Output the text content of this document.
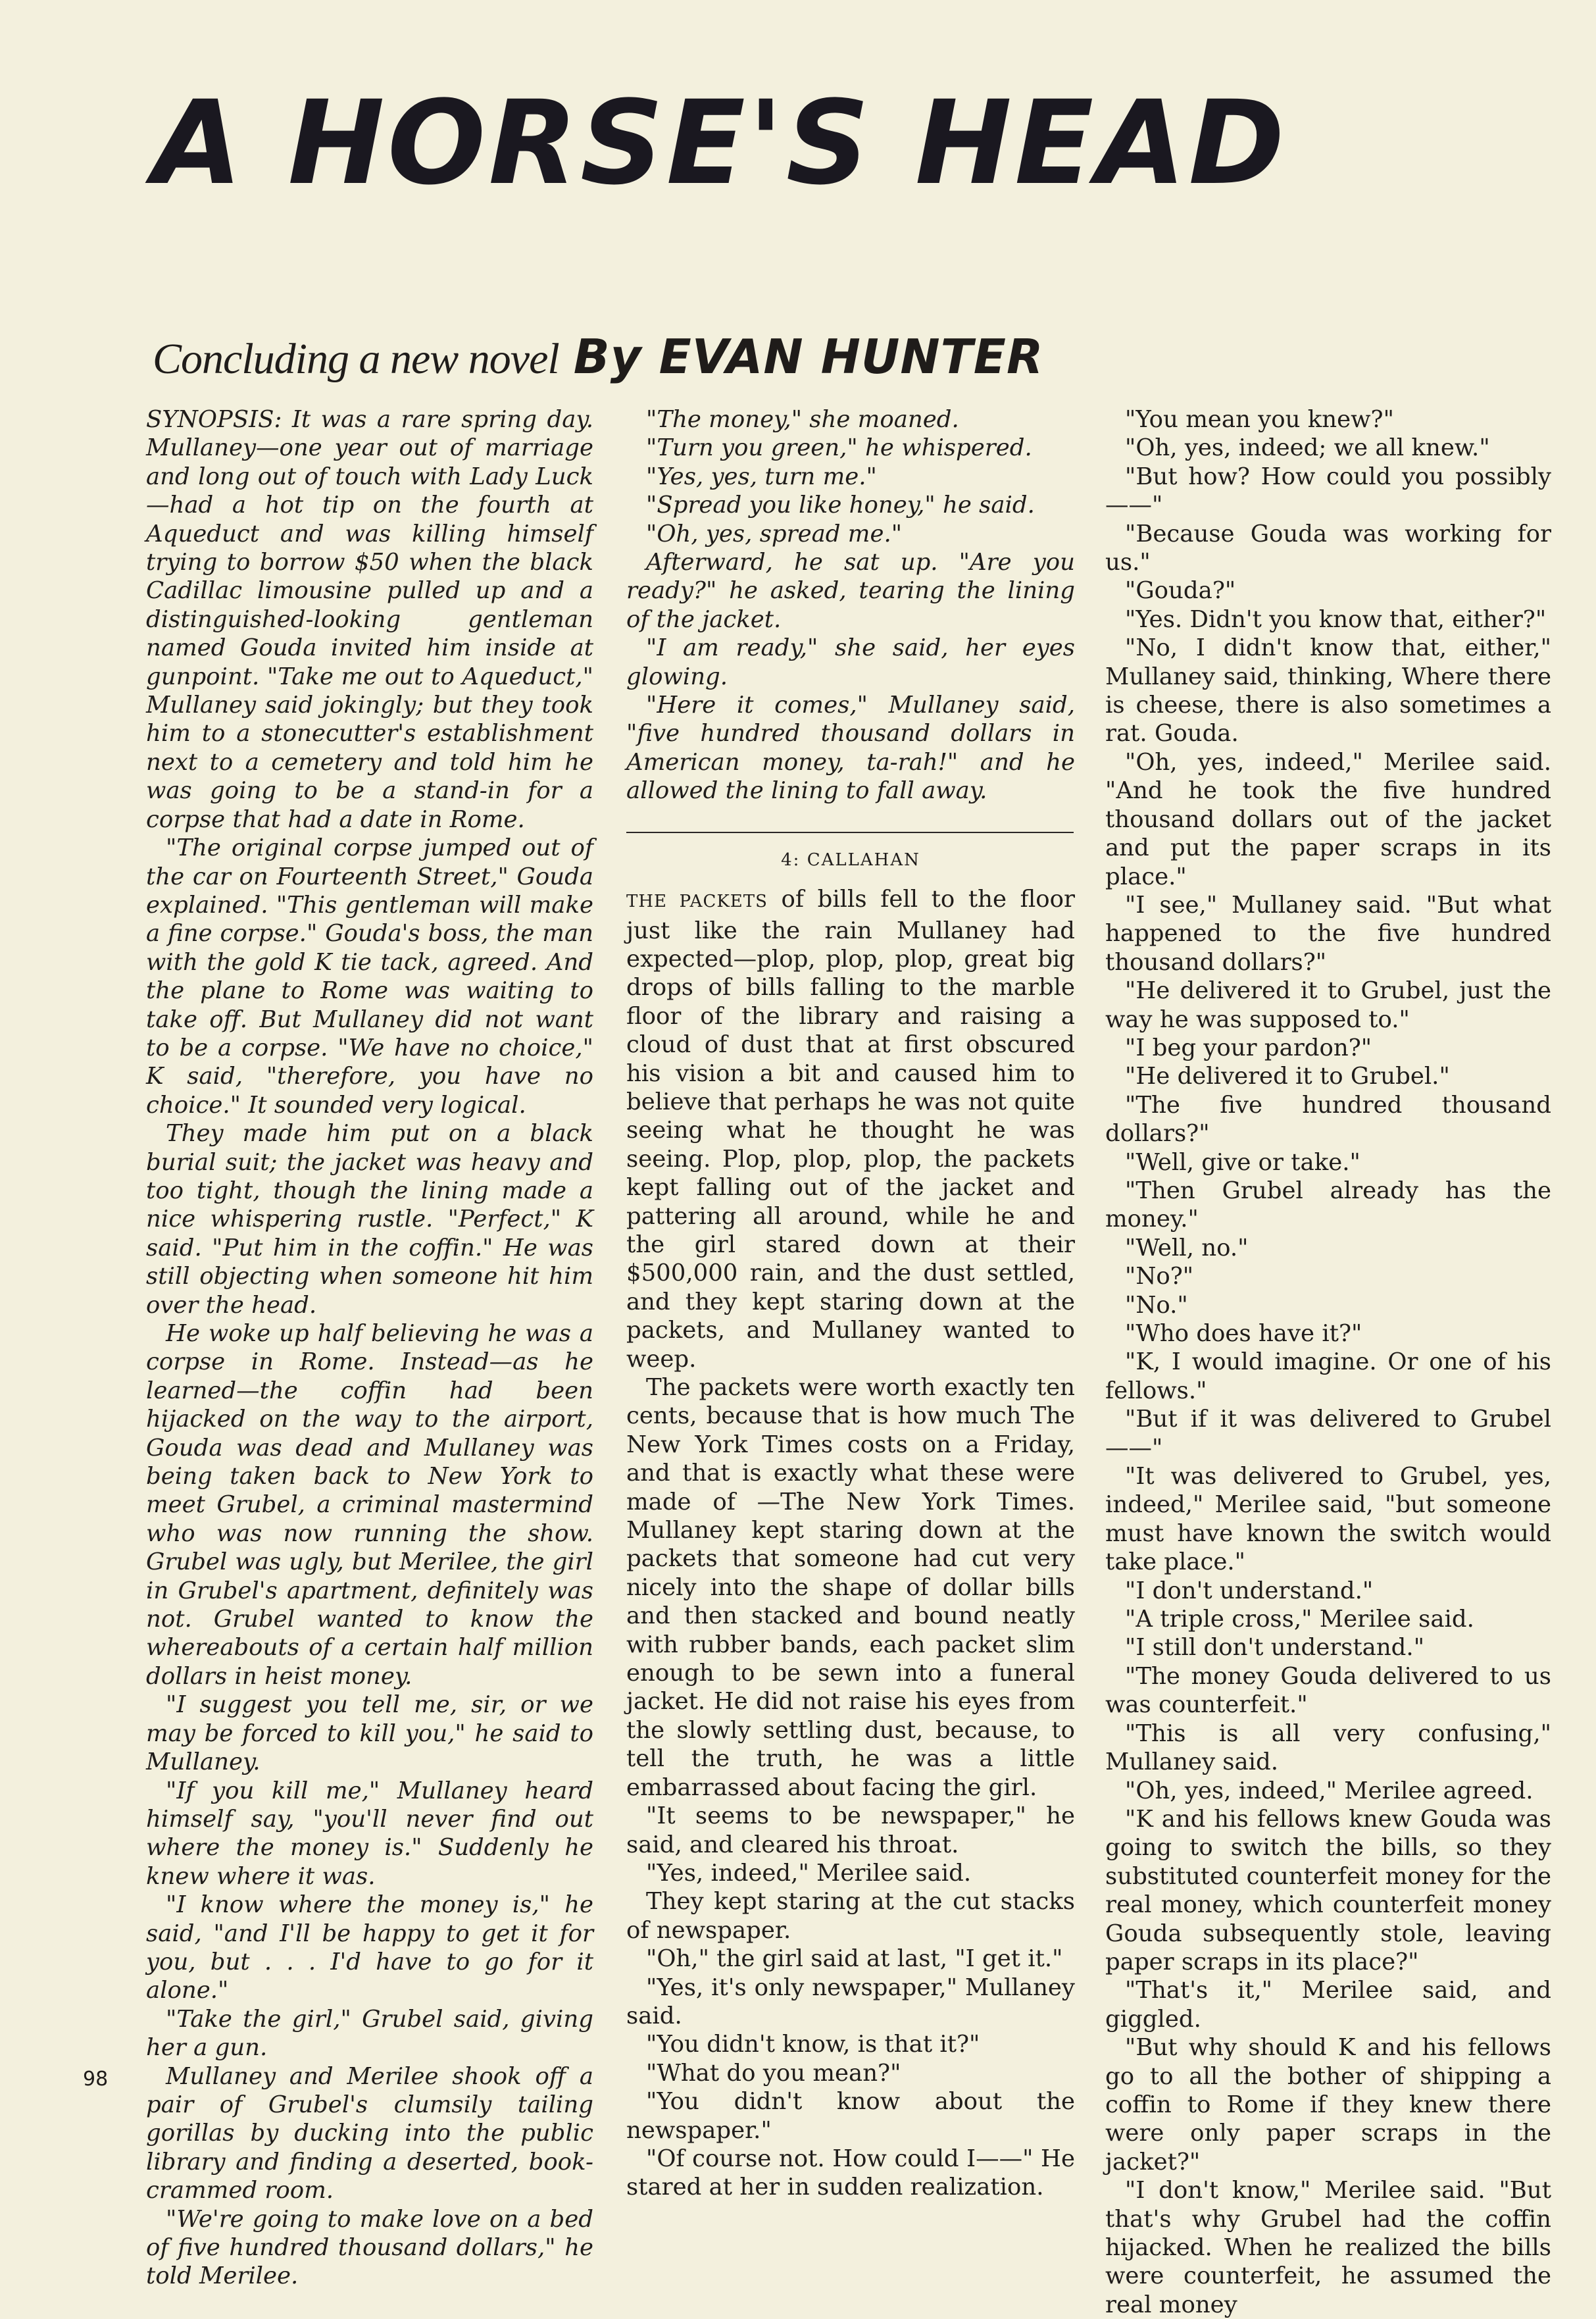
A HORSE'S HEAD
Concluding a new novel By EVAN HUNTER

SYNOPSIS: It was a rare spring day. Mullaney—one year out of marriage and long out of touch with Lady Luck—had a hot tip on the fourth at Aqueduct and was killing himself trying to borrow $50 when the black Cadillac limousine pulled up and a distinguished-looking gentleman named Gouda invited him inside at gunpoint. "Take me out to Aqueduct," Mullaney said jokingly; but they took him to a stonecutter's establishment next to a cemetery and told him he was going to be a stand-in for a corpse that had a date in Rome.

"The original corpse jumped out of the car on Fourteenth Street," Gouda explained. "This gentleman will make a fine corpse." Gouda's boss, the man with the gold K tie tack, agreed. And the plane to Rome was waiting to take off. But Mullaney did not want to be a corpse. "We have no choice," K said, "therefore, you have no choice." It sounded very logical.

They made him put on a black burial suit; the jacket was heavy and too tight, though the lining made a nice whispering rustle. "Perfect," K said. "Put him in the coffin." He was still objecting when someone hit him over the head.

He woke up half believing he was a corpse in Rome. Instead—as he learned—the coffin had been hijacked on the way to the airport, Gouda was dead and Mullaney was being taken back to New York to meet Grubel, a criminal mastermind who was now running the show. Grubel was ugly, but Merilee, the girl in Grubel's apartment, definitely was not. Grubel wanted to know the whereabouts of a certain half million dollars in heist money.

"I suggest you tell me, sir, or we may be forced to kill you," he said to Mullaney.

"If you kill me," Mullaney heard himself say, "you'll never find out where the money is." Suddenly he knew where it was.

"I know where the money is," he said, "and I'll be happy to get it for you, but . . . I'd have to go for it alone."

"Take the girl," Grubel said, giving her a gun.

Mullaney and Merilee shook off a pair of Grubel's clumsily tailing gorillas by ducking into the public library and finding a deserted, book-crammed room.

"We're going to make love on a bed of five hundred thousand dollars," he told Merilee.

"The money," she moaned.

"Turn you green," he whispered.

"Yes, yes, turn me."

"Spread you like honey," he said.

"Oh, yes, spread me."

Afterward, he sat up. "Are you ready?" he asked, tearing the lining of the jacket.

"I am ready," she said, her eyes glowing.

"Here it comes," Mullaney said, "five hundred thousand dollars in American money, ta-rah!" and he allowed the lining to fall away.

4: CALLAHAN

THE PACKETS of bills fell to the floor just like the rain Mullaney had expected—plop, plop, plop, great big drops of bills falling to the marble floor of the library and raising a cloud of dust that at first obscured his vision a bit and caused him to believe that perhaps he was not quite seeing what he thought he was seeing. Plop, plop, plop, the packets kept falling out of the jacket and pattering all around, while he and the girl stared down at their $500,000 rain, and the dust settled, and they kept staring down at the packets, and Mullaney wanted to weep.

The packets were worth exactly ten cents, because that is how much The New York Times costs on a Friday, and that is exactly what these were made of —The New York Times. Mullaney kept staring down at the packets that someone had cut very nicely into the shape of dollar bills and then stacked and bound neatly with rubber bands, each packet slim enough to be sewn into a funeral jacket. He did not raise his eyes from the slowly settling dust, because, to tell the truth, he was a little embarrassed about facing the girl.

"It seems to be newspaper," he said, and cleared his throat.

"Yes, indeed," Merilee said.

They kept staring at the cut stacks of newspaper.

"Oh," the girl said at last, "I get it."

"Yes, it's only newspaper," Mullaney said.

"You didn't know, is that it?"

"What do you mean?"

"You didn't know about the newspaper."

"Of course not. How could I——" He stared at her in sudden realization.

"You mean you knew?"

"Oh, yes, indeed; we all knew."

"But how? How could you possibly——"

"Because Gouda was working for us."

"Gouda?"

"Yes. Didn't you know that, either?"

"No, I didn't know that, either," Mullaney said, thinking, Where there is cheese, there is also sometimes a rat. Gouda.

"Oh, yes, indeed," Merilee said. "And he took the five hundred thousand dollars out of the jacket and put the paper scraps in its place."

"I see," Mullaney said. "But what happened to the five hundred thousand dollars?"

"He delivered it to Grubel, just the way he was supposed to."

"I beg your pardon?"

"He delivered it to Grubel."

"The five hundred thousand dollars?"

"Well, give or take."

"Then Grubel already has the money."

"Well, no."

"No?"

"No."

"Who does have it?"

"K, I would imagine. Or one of his fellows."

"But if it was delivered to Grubel——"

"It was delivered to Grubel, yes, indeed," Merilee said, "but someone must have known the switch would take place."

"I don't understand."

"A triple cross," Merilee said.

"I still don't understand."

"The money Gouda delivered to us was counterfeit."

"This is all very confusing," Mullaney said.

"Oh, yes, indeed," Merilee agreed.

"K and his fellows knew Gouda was going to switch the bills, so they substituted counterfeit money for the real money, which counterfeit money Gouda subsequently stole, leaving paper scraps in its place?"

"That's it," Merilee said, and giggled.

"But why should K and his fellows go to all the bother of shipping a coffin to Rome if they knew there were only paper scraps in the jacket?"

"I don't know," Merilee said. "But that's why Grubel had the coffin hijacked. When he realized the bills were counterfeit, he assumed the real money

98
